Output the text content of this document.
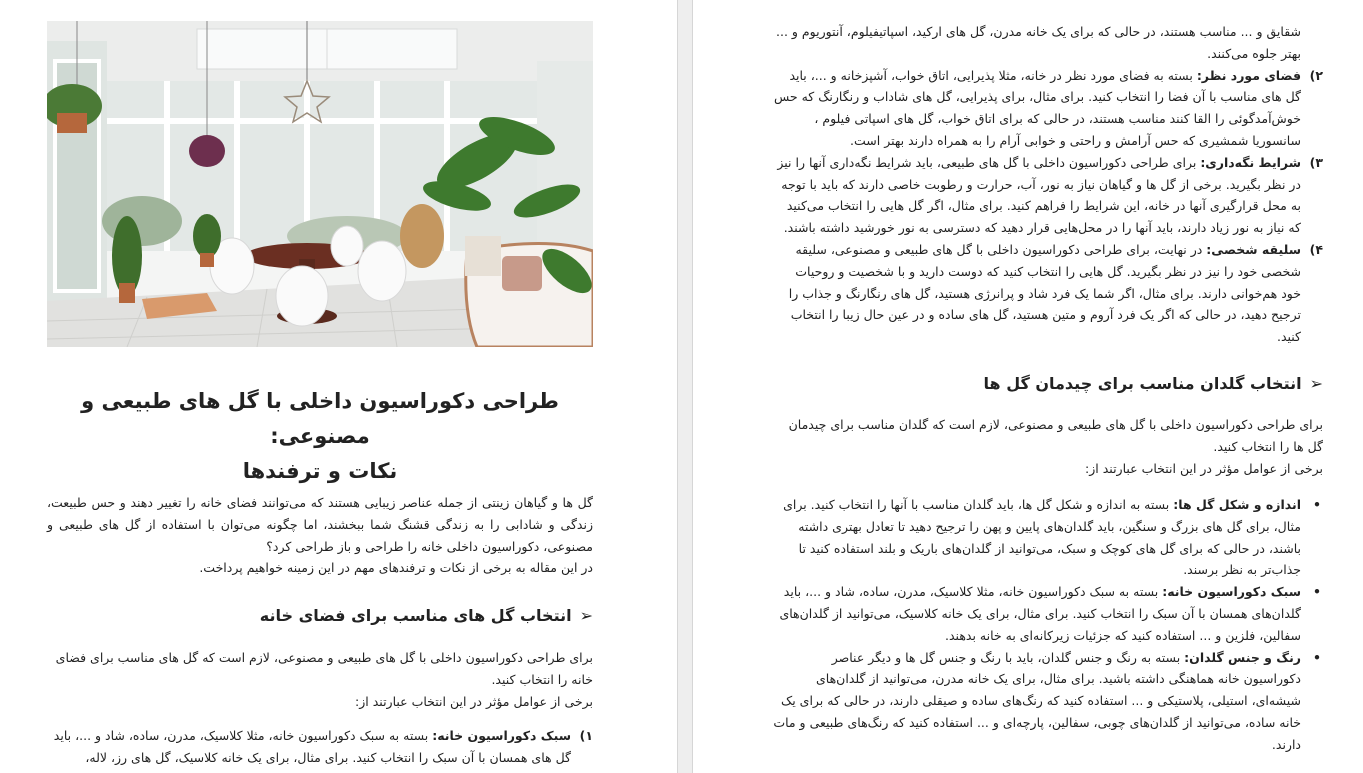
طراحی دکوراسیون داخلی با گل های طبیعی و مصنوعی:
نکات و ترفندها

گل ها و گیاهان زینتی از جمله عناصر زیبایی هستند که می‌توانند فضای خانه را تغییر دهند و حس طبیعت، زندگی و شادابی را به زندگی قشنگ شما ببخشند، اما چگونه می‌توان با استفاده از گل های طبیعی و مصنوعی، دکوراسیون داخلی خانه را طراحی و باز طراحی کرد؟

در این مقاله به برخی از نکات و ترفندهای مهم در این زمینه خواهیم پرداخت.

➢انتخاب گل های مناسب برای فضای خانه

برای طراحی دکوراسیون داخلی با گل های طبیعی و مصنوعی، لازم است که گل های مناسب برای فضای خانه را انتخاب کنید.

برخی از عوامل مؤثر در این انتخاب عبارتند از:

۱)
سبک دکوراسیون خانه: بسته به سبک دکوراسیون خانه، مثلا کلاسیک، مدرن، ساده، شاد و ...، باید گل های همسان با آن سبک را انتخاب کنید. برای مثال، برای یک خانه کلاسیک، گل های رز، لاله،
شقایق و ... مناسب هستند، در حالی که برای یک خانه مدرن، گل های ارکید، اسپاتیفیلوم، آنتوریوم و ... بهتر جلوه می‌کنند.
۲)
فضای مورد نظر: بسته به فضای مورد نظر در خانه، مثلا پذیرایی، اتاق خواب، آشپزخانه و ...، باید گل های مناسب با آن فضا را انتخاب کنید. برای مثال، برای پذیرایی، گل های شاداب و رنگارنگ که حس خوش‌آمدگوئی را القا کنند مناسب هستند، در حالی که برای اتاق خواب، گل های اسپاتی فیلوم ، سانسوریا شمشیری که حس آرامش و راحتی و خوابی آرام را به همراه دارند بهتر است.
۳)
شرایط نگه‌داری: برای طراحی دکوراسیون داخلی با گل های طبیعی، باید شرایط نگه‌داری آنها را نیز در نظر بگیرید. برخی از گل ها و گیاهان نیاز به نور، آب، حرارت و رطوبت خاصی دارند که باید با توجه به محل قرارگیری آنها در خانه، این شرایط را فراهم کنید. برای مثال، اگر گل هایی را انتخاب می‌کنید که نیاز به نور زیاد دارند، باید آنها را در محل‌هایی قرار دهید که دسترسی به نور خورشید داشته باشند.
۴)
سلیقه شخصی: در نهایت، برای طراحی دکوراسیون داخلی با گل های طبیعی و مصنوعی، سلیقه شخصی خود را نیز در نظر بگیرید. گل هایی را انتخاب کنید که دوست دارید و با شخصیت و روحیات خود هم‌خوانی دارند. برای مثال، اگر شما یک فرد شاد و پرانرژی هستید، گل های رنگارنگ و جذاب را ترجیح دهید، در حالی که اگر یک فرد آروم و متین هستید، گل های ساده و در عین حال زیبا را انتخاب کنید.
➢انتخاب گلدان مناسب برای چیدمان گل ها

برای طراحی دکوراسیون داخلی با گل های طبیعی و مصنوعی، لازم است که گلدان مناسب برای چیدمان گل ها را انتخاب کنید.

برخی از عوامل مؤثر در این انتخاب عبارتند از:

•
اندازه و شکل گل ها: بسته به اندازه و شکل گل ها، باید گلدان مناسب با آنها را انتخاب کنید. برای مثال، برای گل های بزرگ و سنگین، باید گلدان‌های پایین و پهن را ترجیح دهید تا تعادل بهتری داشته باشند، در حالی که برای گل های کوچک و سبک، می‌توانید از گلدان‌های باریک و بلند استفاده کنید تا جذاب‌تر به نظر برسند.
•
سبک دکوراسیون خانه: بسته به سبک دکوراسیون خانه، مثلا کلاسیک، مدرن، ساده، شاد و ...، باید گلدان‌های همسان با آن سبک را انتخاب کنید. برای مثال، برای یک خانه کلاسیک، می‌توانید از گلدان‌های سفالین، فلزین و ... استفاده کنید که جزئیات زیرکانه‌ای به خانه بدهند.
•
رنگ و جنس گلدان: بسته به رنگ و جنس گلدان، باید با رنگ و جنس گل ها و دیگر عناصر دکوراسیون خانه هماهنگی داشته باشید. برای مثال، برای یک خانه مدرن، می‌توانید از گلدان‌های شیشه‌ای، استیلی، پلاستیکی و ... استفاده کنید که رنگ‌های ساده و صیقلی دارند، در حالی که برای یک خانه ساده، می‌توانید از گلدان‌های چوبی، سفالین، پارچه‌ای و ... استفاده کنید که رنگ‌های طبیعی و مات دارند.
